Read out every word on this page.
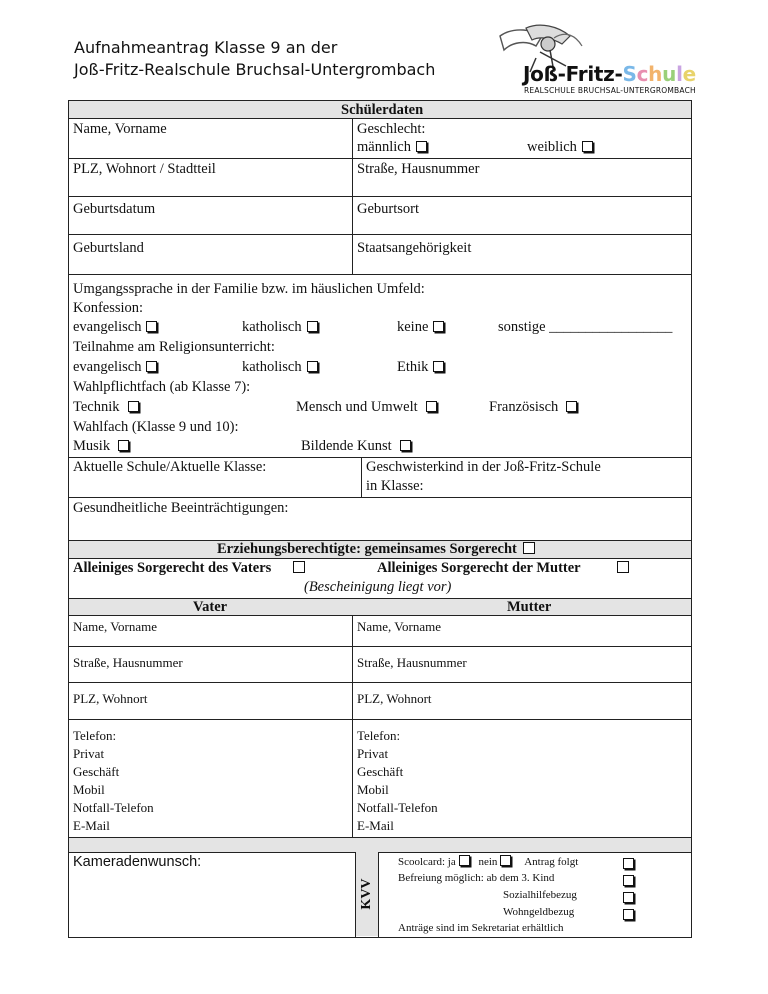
Aufnahmeantrag Klasse 9 an der
Joß-Fritz-Realschule Bruchsal-Untergrombach	Joß-Fritz-Schule
REALSCHULE BRUCHSAL-UNTERGROMBACH
Schülerdaten
Name, Vorname	Geschlecht:
männlich	weiblich
PLZ, Wohnort / Stadtteil	Straße, Hausnummer
Geburtsdatum	Geburtsort
Geburtsland	Staatsangehörigkeit
Umgangssprache in der Familie bzw. im häuslichen Umfeld:
Konfession:
evangelisch	katholisch	keine	sonstige _________________
Teilnahme am Religionsunterricht:
evangelisch	katholisch	Ethik
Wahlpflichtfach (ab Klasse 7):
Technik	Mensch und Umwelt	Französisch
Wahlfach (Klasse 9 und 10):
Musik	Bildende Kunst
Aktuelle Schule/Aktuelle Klasse:	Geschwisterkind in der Joß-Fritz-Schule
in Klasse:
Gesundheitliche Beeinträchtigungen:
Erziehungsberechtigte: gemeinsames Sorgerecht
Alleiniges Sorgerecht des Vaters	Alleiniges Sorgerecht der Mutter
(Bescheinigung liegt vor)
Vater	Mutter
Name, Vorname	Name, Vorname
Straße, Hausnummer	Straße, Hausnummer
PLZ, Wohnort	PLZ, Wohnort
Telefon:
Privat
Geschäft
Mobil
Notfall-Telefon
E-Mail
Telefon:
Privat
Geschäft
Mobil
Notfall-Telefon
E-Mail
Kameradenwunsch:
KVV
Scoolcard: ja nein Antrag folgt
Befreiung möglich: ab dem 3. Kind
Sozialhilfebezug
Wohngeldbezug
Anträge sind im Sekretariat erhältlich
